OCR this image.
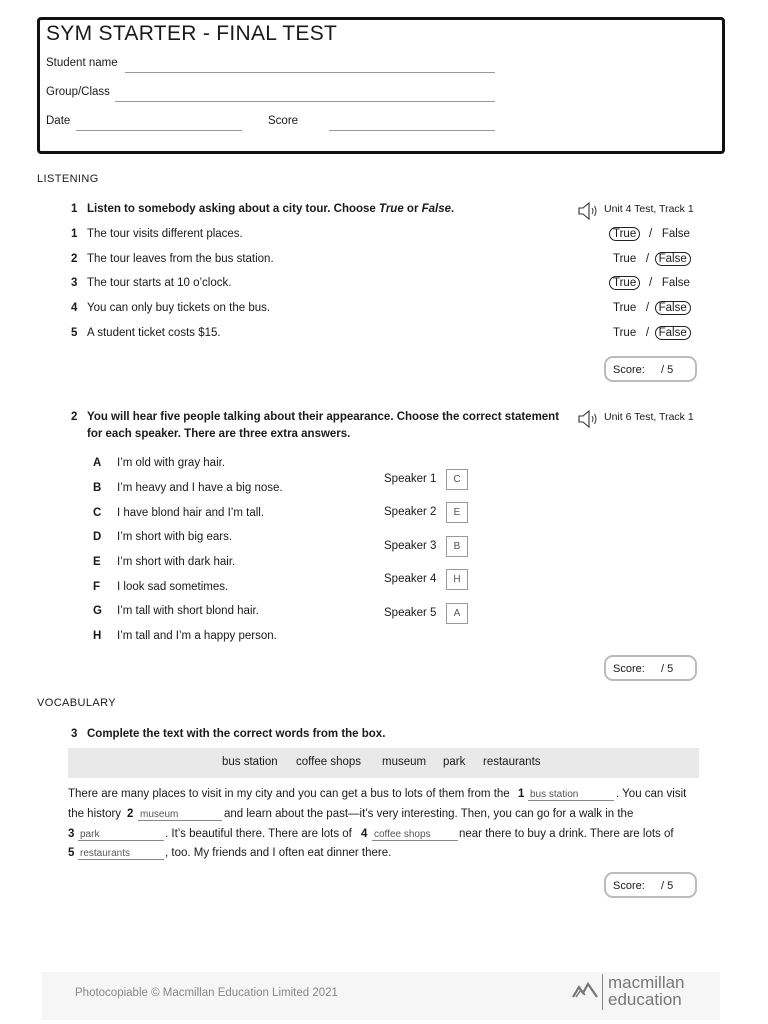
SYM STARTER - FINAL TEST
Student name
Group/Class
Date	Score
LISTENING
1 Listen to somebody asking about a city tour. Choose True or False.	Unit 4 Test, Track 1
1 The tour visits different places.	True / False
2 The tour leaves from the bus station.	True / False
3 The tour starts at 10 o’clock.	True / False
4 You can only buy tickets on the bus.	True / False
5 A student ticket costs $15.	True / False
Score: / 5
2 You will hear five people talking about their appearance. Choose the correct statement
for each speaker. There are three extra answers.
Unit 6 Test, Track 1
A I’m old with gray hair.
B I’m heavy and I have a big nose.
C I have blond hair and I’m tall.
D I’m short with big ears.
E I’m short with dark hair.
F I look sad sometimes.
G I’m tall with short blond hair.
H I’m tall and I’m a happy person.
Speaker 1	C
Speaker 2	E
Speaker 3	B
Speaker 4	H
Speaker 5	A
Score: / 5
VOCABULARY
3 Complete the text with the correct words from the box.
bus station coffee shops museum park restaurants
There are many places to visit in my city and you can get a bus to lots of them from the 1 bus station	. You can visit
the history 2 museum	and learn about the past—it’s very interesting. Then, you can go for a walk in the
3 park	. It’s beautiful there. There are lots of 4 coffee shops	near there to buy a drink. There are lots of
5 restaurants	, too. My friends and I often eat dinner there.
Score: / 5
Photocopiable © Macmillan Education Limited 2021
macmillan
education
